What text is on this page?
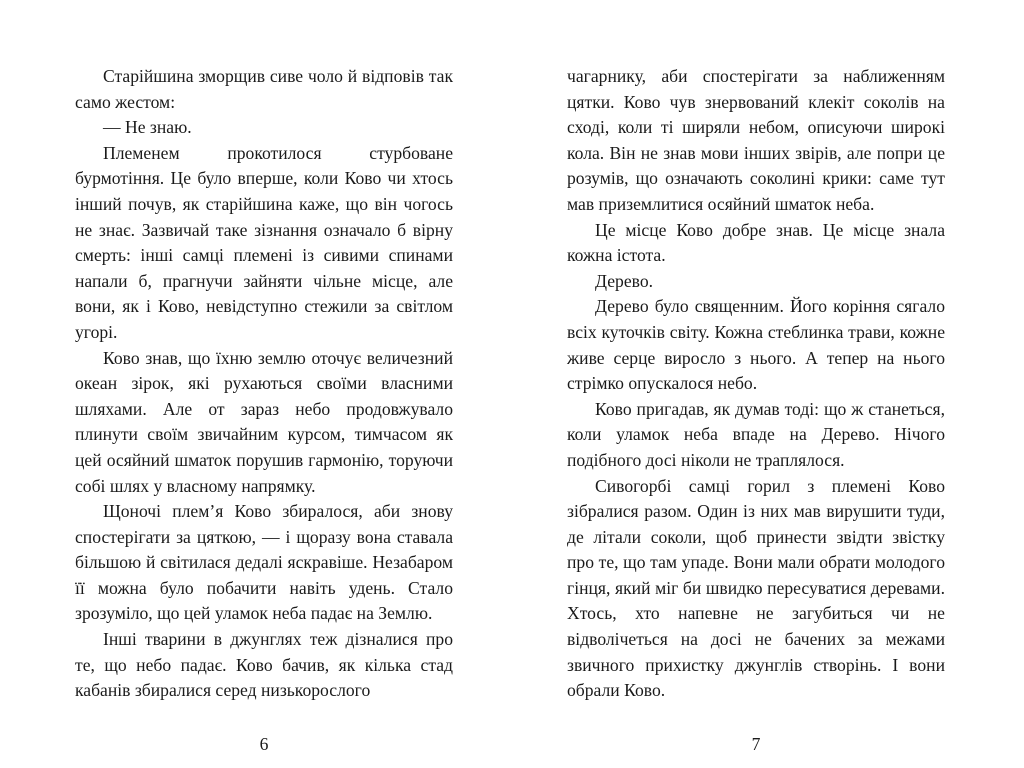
Старійшина зморщив сиве чоло й відповів так само жестом:

— Не знаю.

Племенем прокотилося стурбоване бурмотіння. Це було вперше, коли Ково чи хтось інший почув, як старійшина каже, що він чогось не знає. Зазвичай таке зізнання означало б вірну смерть: інші самці племені із сивими спинами напали б, прагнучи зайняти чільне місце, але вони, як і Ково, невідступно стежили за світлом угорі.

Ково знав, що їхню землю оточує величезний океан зірок, які рухаються своїми власними шляхами. Але от зараз небо продовжувало плинути своїм звичайним курсом, тимчасом як цей осяйний шматок порушив гармонію, торуючи собі шлях у власному напрямку.

Щоночі плем’я Ково збиралося, аби знову спостерігати за цяткою, — і щоразу вона ставала більшою й світилася дедалі яскравіше. Незабаром її можна було побачити навіть удень. Стало зрозуміло, що цей уламок неба падає на Землю.

Інші тварини в джунглях теж дізналися про те, що небо падає. Ково бачив, як кілька стад кабанів збиралися серед низькорослого

чагарнику, аби спостерігати за наближенням цятки. Ково чув знервований клекіт соколів на сході, коли ті ширяли небом, описуючи широкі кола. Він не знав мови інших звірів, але попри це розумів, що означають соколині крики: саме тут мав приземлитися осяйний шматок неба.

Це місце Ково добре знав. Це місце знала кожна істота.

Дерево.

Дерево було священним. Його коріння сягало всіх куточків світу. Кожна стеблинка трави, кожне живе серце виросло з нього. А тепер на нього стрімко опускалося небо.

Ково пригадав, як думав тоді: що ж станеться, коли уламок неба впаде на Дерево. Нічого подібного досі ніколи не траплялося.

Сивогорбі самці горил з племені Ково зібралися разом. Один із них мав вирушити туди, де літали соколи, щоб принести звідти звістку про те, що там упаде. Вони мали обрати молодого гінця, який міг би швидко пересуватися деревами. Хтось, хто напевне не загубиться чи не відволічеться на досі не бачених за межами звичного прихистку джунглів створінь. І вони обрали Ково.

6	7
